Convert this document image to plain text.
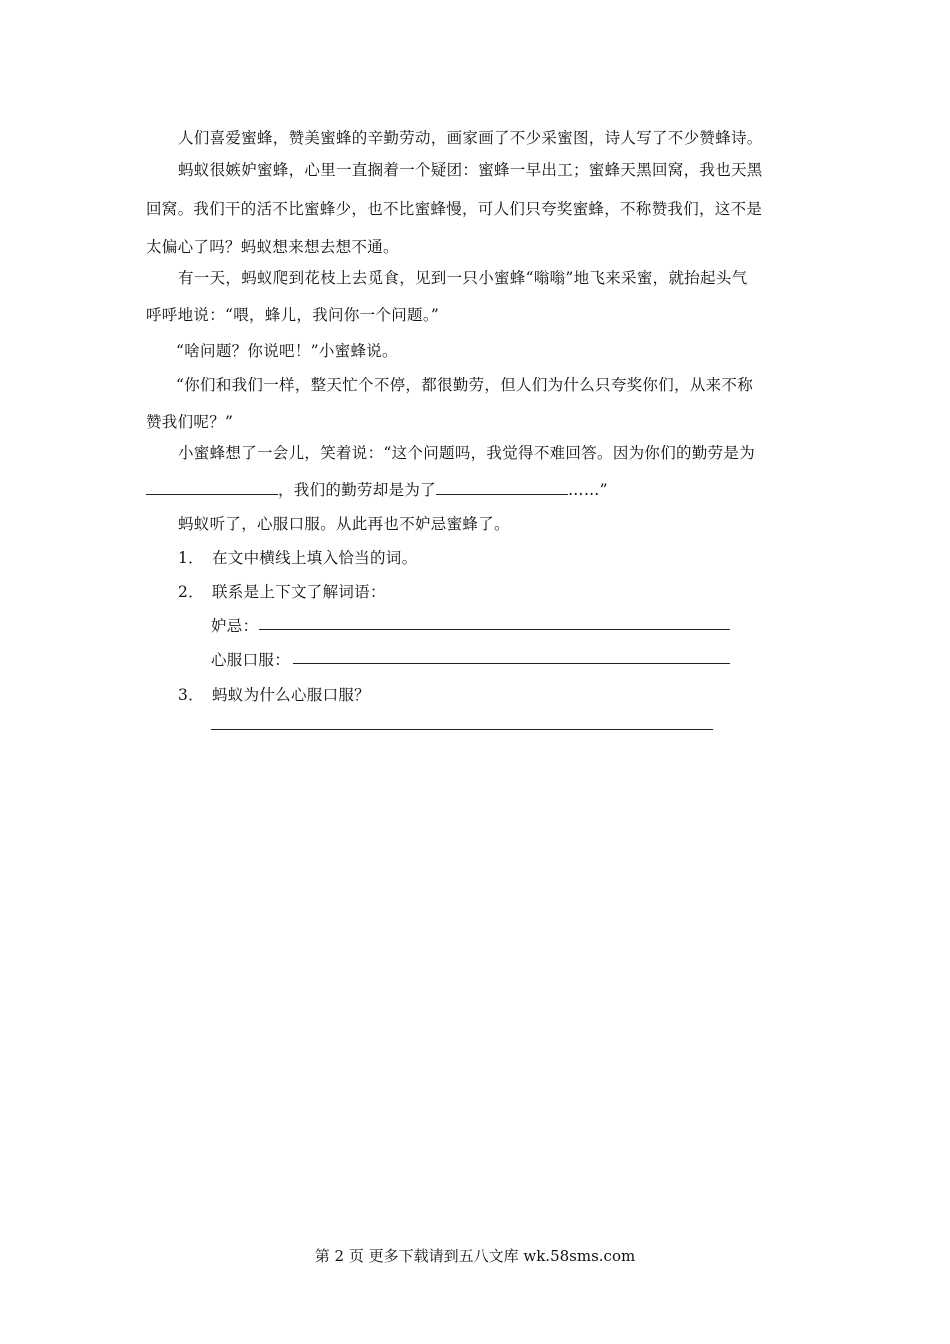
人们喜爱蜜蜂，赞美蜜蜂的辛勤劳动，画家画了不少采蜜图，诗人写了不少赞蜂诗。
蚂蚁很嫉妒蜜蜂，心里一直搁着一个疑团：蜜蜂一早出工；蜜蜂天黑回窝，我也天黑
回窝。我们干的活不比蜜蜂少，也不比蜜蜂慢，可人们只夸奖蜜蜂，不称赞我们，这不是
太偏心了吗？蚂蚁想来想去想不通。
有一天，蚂蚁爬到花枝上去觅食，见到一只小蜜蜂“嗡嗡”地飞来采蜜，就抬起头气
呼呼地说：“喂，蜂儿，我问你一个问题。”
“啥问题？你说吧！”小蜜蜂说。
“你们和我们一样，整天忙个不停，都很勤劳，但人们为什么只夸奖你们，从来不称
赞我们呢？”
小蜜蜂想了一会儿，笑着说：“这个问题吗，我觉得不难回答。因为你们的勤劳是为
，我们的勤劳却是为了	……”
蚂蚁听了，心服口服。从此再也不妒忌蜜蜂了。
1． 在文中横线上填入恰当的词。
2． 联系是上下文了解词语：
妒忌：
心服口服：
3． 蚂蚁为什么心服口服？
第 2 页 更多下载请到五八文库 wk.58sms.com
